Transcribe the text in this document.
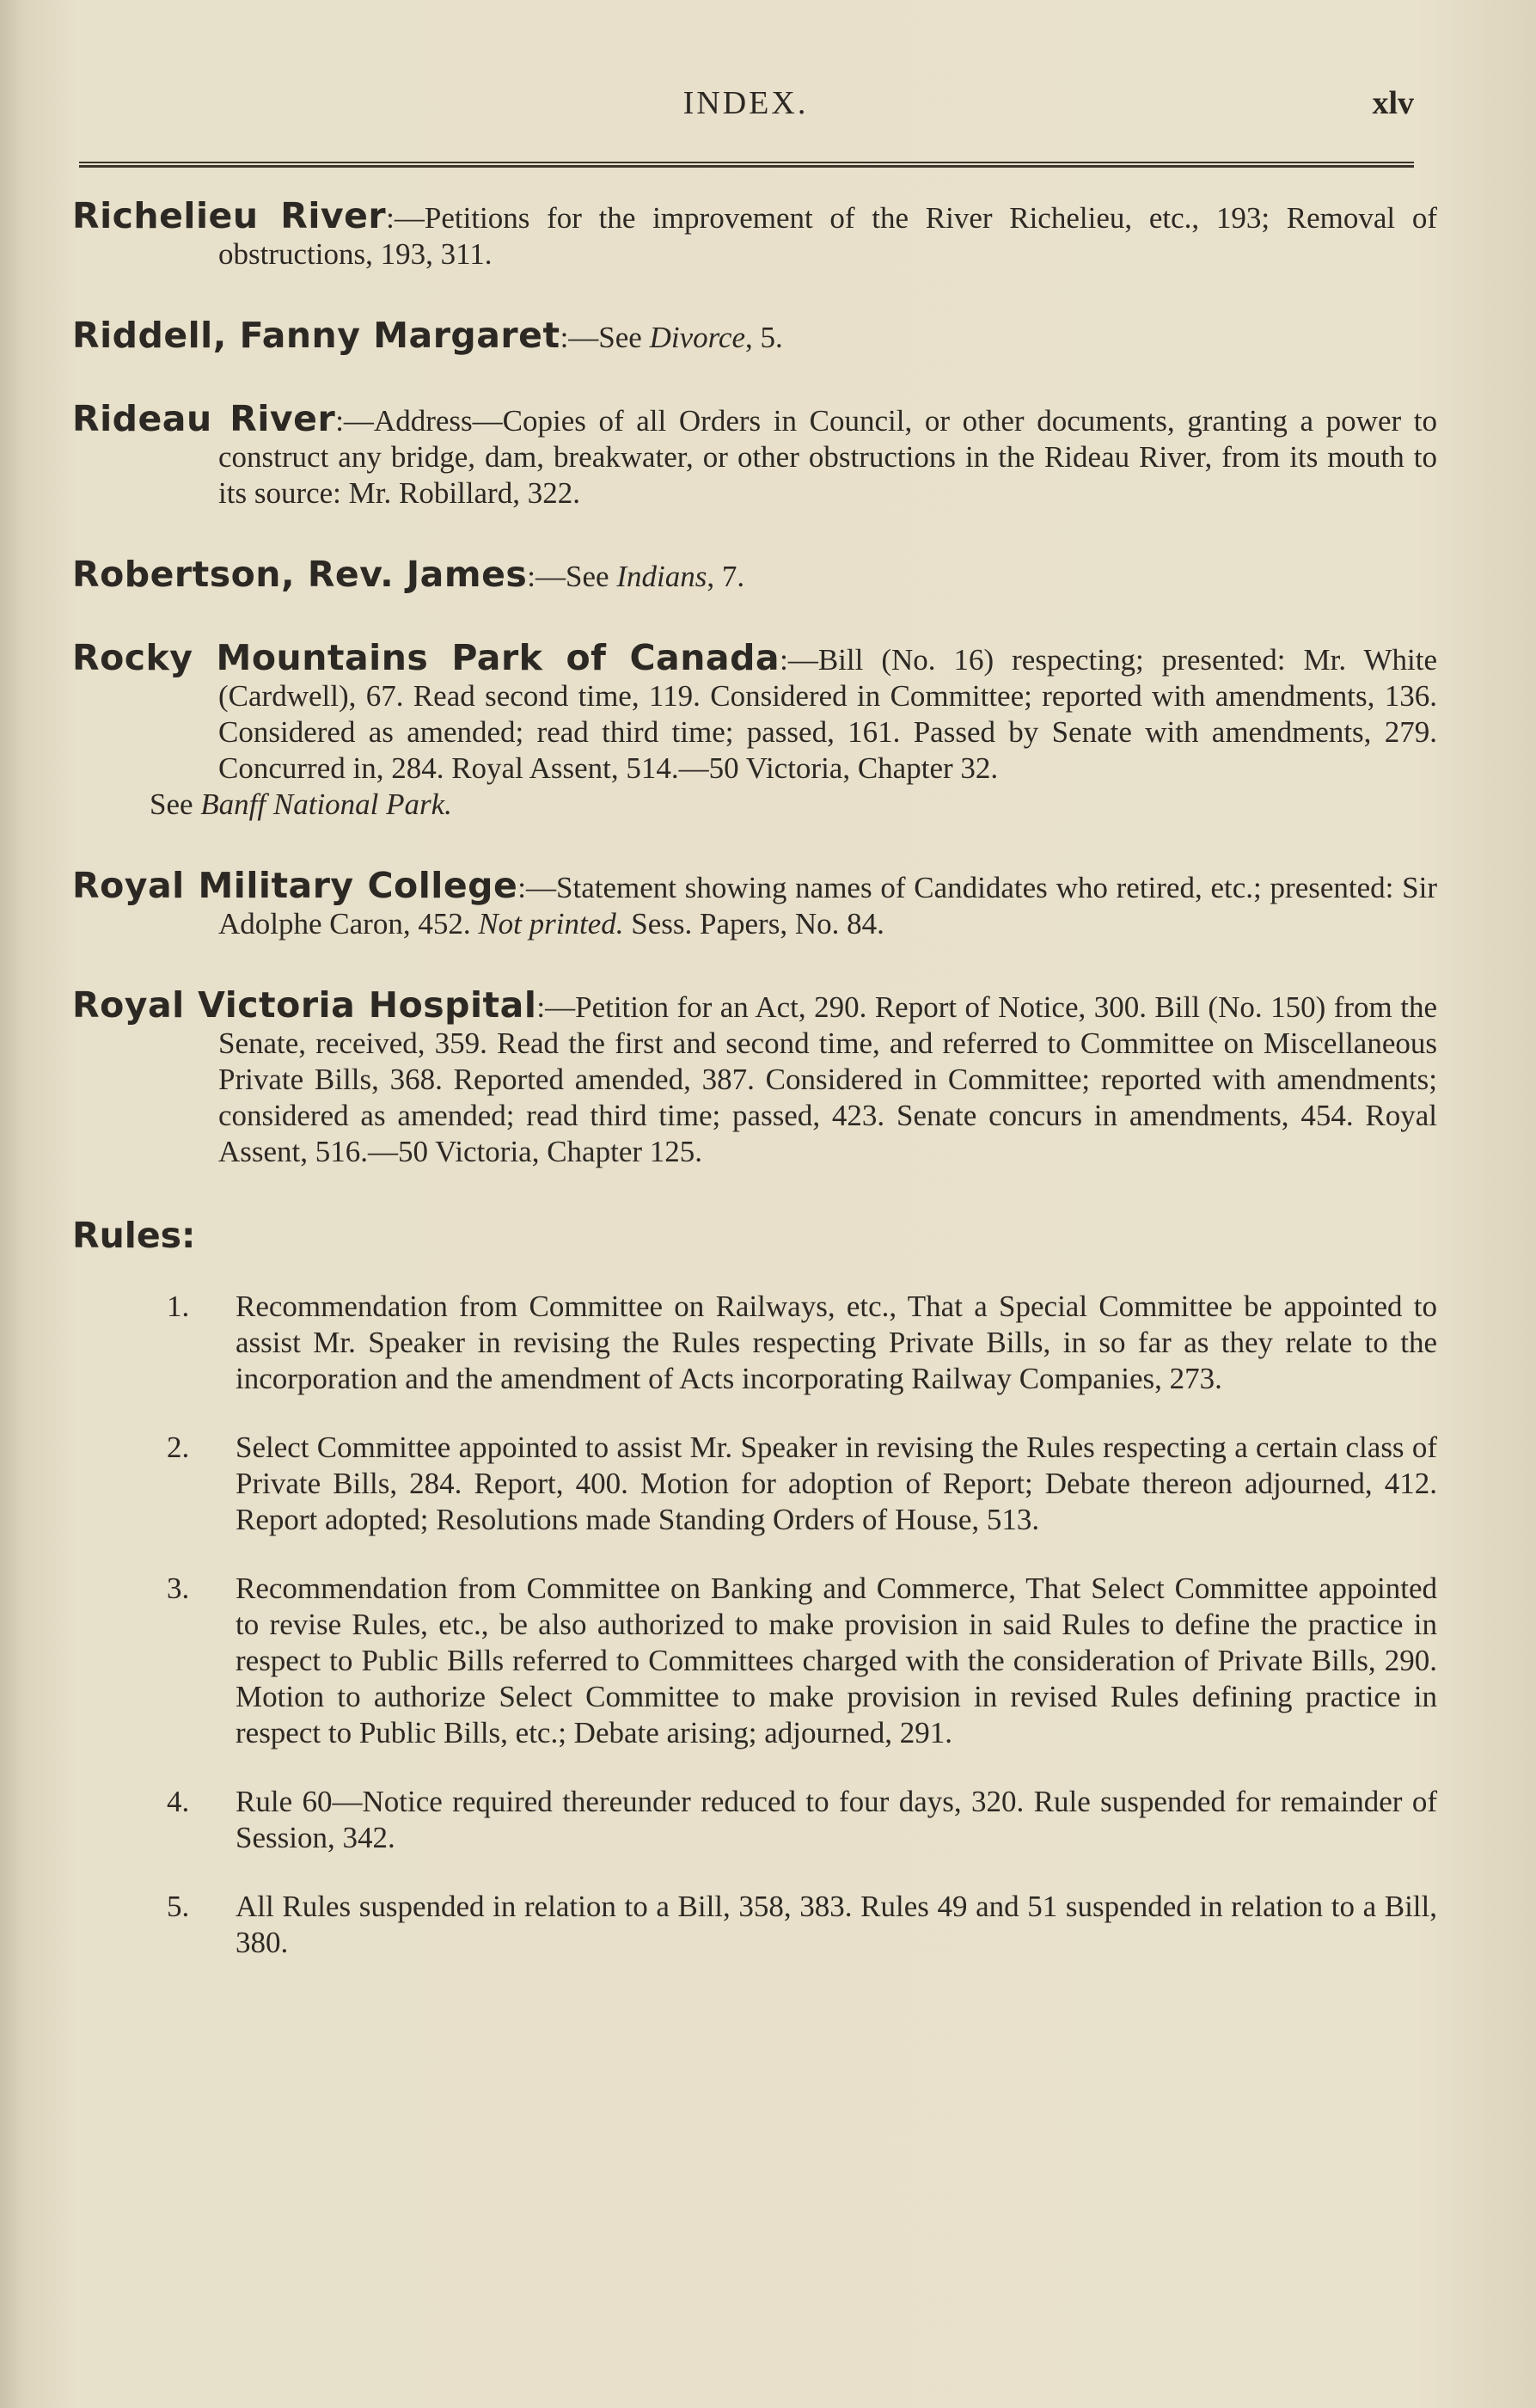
INDEX.	xlv

Richelieu River:—Petitions for the improvement of the River Richelieu, etc., 193; Removal of obstructions, 193, 311.

Riddell, Fanny Margaret:—See Divorce, 5.

Rideau River:—Address—Copies of all Orders in Council, or other documents, granting a power to construct any bridge, dam, breakwater, or other obstructions in the Rideau River, from its mouth to its source: Mr. Robillard, 322.

Robertson, Rev. James:—See Indians, 7.

Rocky Mountains Park of Canada:—Bill (No. 16) respecting; presented: Mr. White (Cardwell), 67. Read second time, 119. Considered in Committee; reported with amendments, 136. Considered as amended; read third time; passed, 161. Passed by Senate with amendments, 279. Concurred in, 284. Royal Assent, 514.—50 Victoria, Chapter 32.

See Banff National Park.

Royal Military College:—Statement showing names of Candidates who retired, etc.; presented: Sir Adolphe Caron, 452. Not printed. Sess. Papers, No. 84.

Royal Victoria Hospital:—Petition for an Act, 290. Report of Notice, 300. Bill (No. 150) from the Senate, received, 359. Read the first and second time, and referred to Committee on Miscellaneous Private Bills, 368. Reported amended, 387. Considered in Committee; reported with amendments; considered as amended; read third time; passed, 423. Senate concurs in amendments, 454. Royal Assent, 516.—50 Victoria, Chapter 125.

Rules:
1. Recommendation from Committee on Railways, etc., That a Special Committee be appointed to assist Mr. Speaker in revising the Rules respecting Private Bills, in so far as they relate to the incorporation and the amendment of Acts incorporating Railway Companies, 273.
2. Select Committee appointed to assist Mr. Speaker in revising the Rules respecting a certain class of Private Bills, 284. Report, 400. Motion for adoption of Report; Debate thereon adjourned, 412. Report adopted; Resolutions made Standing Orders of House, 513.
3. Recommendation from Committee on Banking and Commerce, That Select Committee appointed to revise Rules, etc., be also authorized to make provision in said Rules to define the practice in respect to Public Bills referred to Committees charged with the consideration of Private Bills, 290. Motion to authorize Select Committee to make provision in revised Rules defining practice in respect to Public Bills, etc.; Debate arising; adjourned, 291.
4. Rule 60—Notice required thereunder reduced to four days, 320. Rule suspended for remainder of Session, 342.
5. All Rules suspended in relation to a Bill, 358, 383. Rules 49 and 51 suspended in relation to a Bill, 380.
